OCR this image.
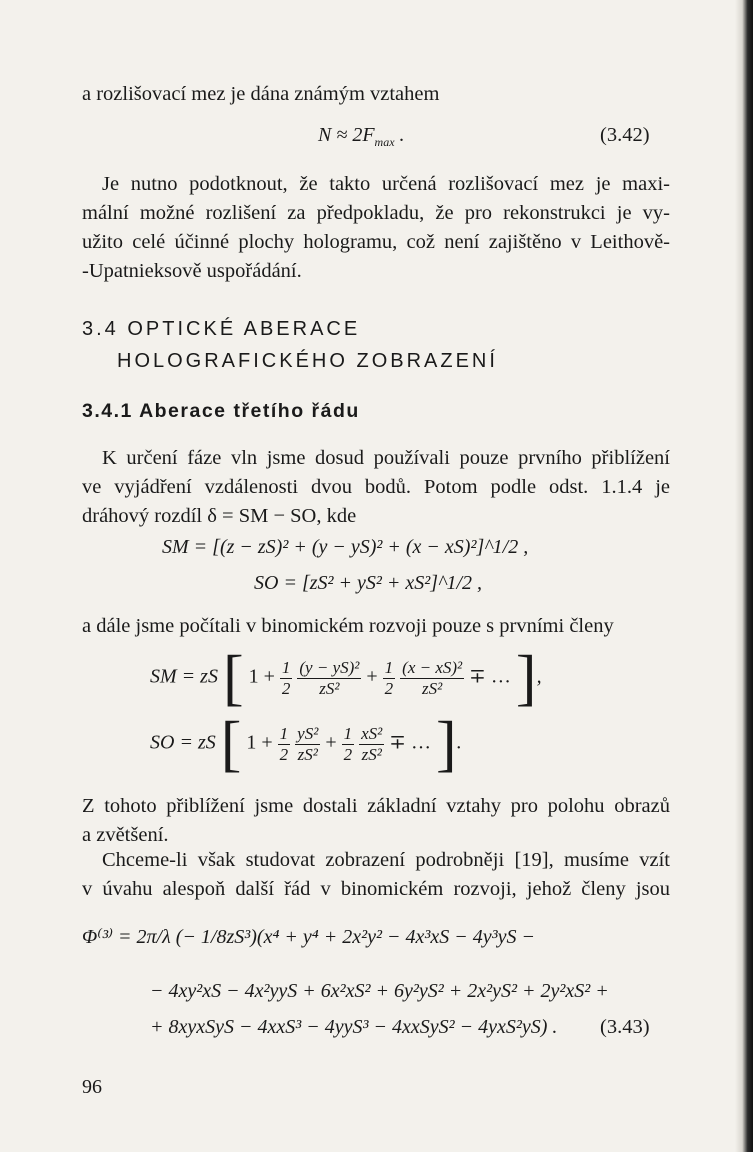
a rozlišovací mez je dána známým vztahem
$N \approx 2F_{max}$ .	(3.42)
Je nutno podotknout, že takto určená rozlišovací mez je maxi-
mální možné rozlišení za předpokladu, že pro rekonstrukci je vy-
užito celé účinné plochy hologramu, což není zajištěno v Leithově-
-Upatnieksově uspořádání.
3.4 OPTICKÉ ABERACE
HOLOGRAFICKÉHO ZOBRAZENÍ
3.4.1 Aberace třetího řádu
K určení fáze vln jsme dosud používali pouze prvního přiblížení
ve vyjádření vzdálenosti dvou bodů. Potom podle odst. 1.1.4 je
dráhový rozdíl δ = SM − SO, kde
SM = [(z − zS)² + (y − yS)² + (x − xS)²]^1/2 ,
SO = [zS² + yS² + xS²]^1/2 ,
a dále jsme počítali v binomickém rozvoji pouze s prvními členy
SM = zS [ $1 + \frac{1}{2}$
$\frac{\text{(y − yS)²}}{\text{zS²}} + \frac{1}{2}$
$\frac{\text{(x − xS)²}}{\text{zS²}}$ ∓ … ],
SO = zS [ $1 + \frac{1}{2}$
$\frac{\text{yS²}}{\text{zS²}} + \frac{1}{2}$
$\frac{\text{xS²}}{\text{zS²}}$ ∓ … ].
Z tohoto přiblížení jsme dostali základní vztahy pro polohu obrazů
a zvětšení.
Chceme-li však studovat zobrazení podrobněji [19], musíme vzít
v úvahu alespoň další řád v binomickém rozvoji, jehož členy jsou
Φ⁽³⁾ = 2π/λ (− 1/8zS³)(x⁴ + y⁴ + 2x²y² − 4x³xS − 4y³yS −
− 4xy²xS − 4x²yyS + 6x²xS² + 6y²yS² + 2x²yS² + 2y²xS² +
+ 8xyxSyS − 4xxS³ − 4yyS³ − 4xxSyS² − 4yxS²yS) . (3.43)
96
